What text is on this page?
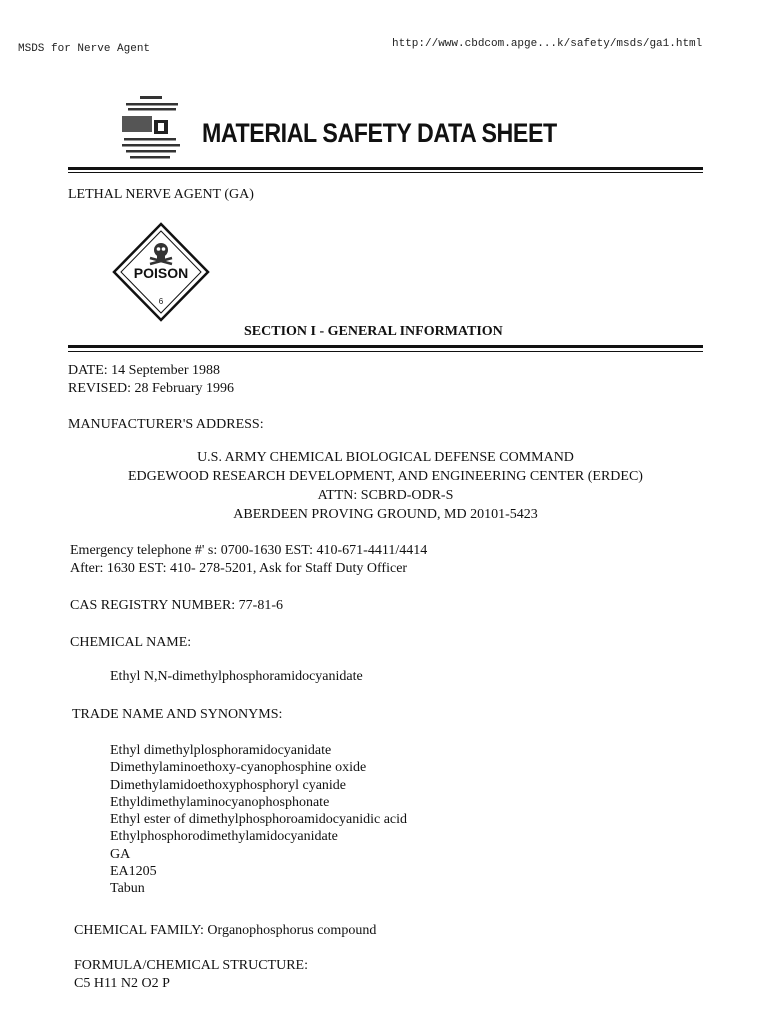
MSDS for Nerve Agent	http://www.cbdcom.apge...k/safety/msds/ga1.html
MATERIAL SAFETY DATA SHEET
LETHAL NERVE AGENT (GA)
POISON
6
SECTION I - GENERAL INFORMATION
DATE: 14 September 1988
REVISED: 28 February 1996
MANUFACTURER'S ADDRESS:
U.S. ARMY CHEMICAL BIOLOGICAL DEFENSE COMMAND
EDGEWOOD RESEARCH DEVELOPMENT, AND ENGINEERING CENTER (ERDEC)
ATTN: SCBRD-ODR-S
ABERDEEN PROVING GROUND, MD 20101-5423
Emergency telephone #' s: 0700-1630 EST: 410-671-4411/4414
After: 1630 EST: 410- 278-5201, Ask for Staff Duty Officer
CAS REGISTRY NUMBER: 77-81-6
CHEMICAL NAME:
Ethyl N,N-dimethylphosphoramidocyanidate
TRADE NAME AND SYNONYMS:
Ethyl dimethylplosphoramidocyanidate
Dimethylaminoethoxy-cyanophosphine oxide
Dimethylamidoethoxyphosphoryl cyanide
Ethyldimethylaminocyanophosphonate
Ethyl ester of dimethylphosphoroamidocyanidic acid
Ethylphosphorodimethylamidocyanidate
GA
EA1205
Tabun
CHEMICAL FAMILY: Organophosphorus compound
FORMULA/CHEMICAL STRUCTURE:
C5 H11 N2 O2 P
